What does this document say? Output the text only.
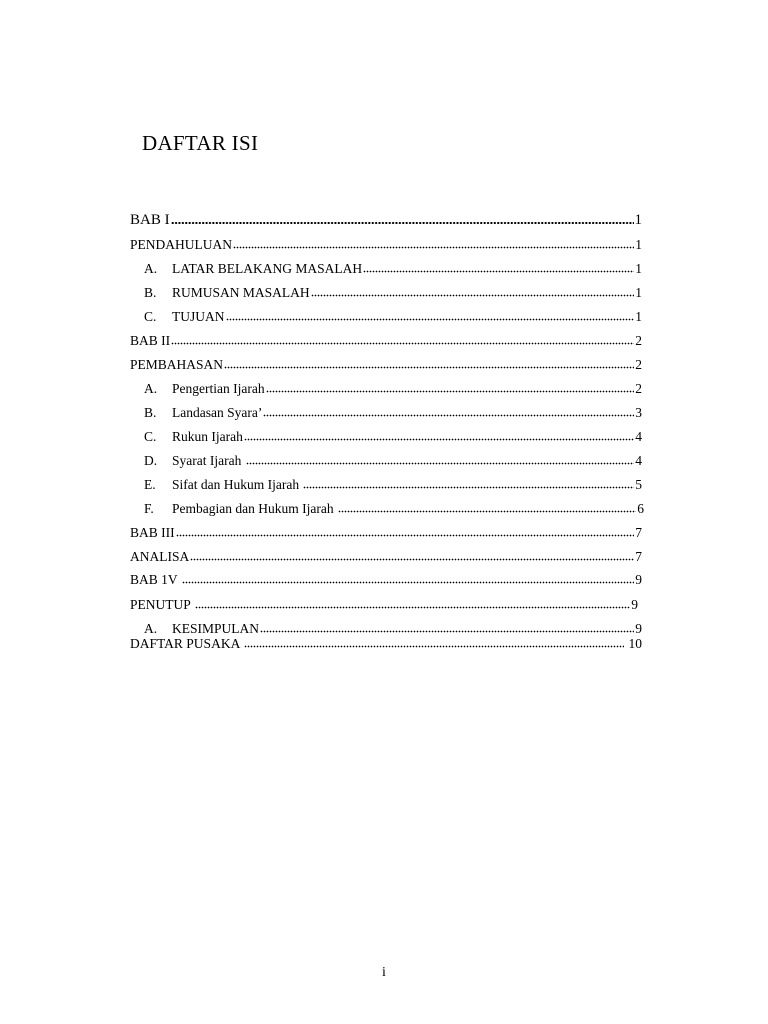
DAFTAR ISI
BAB I	1
PENDAHULUAN	1
A.	LATAR BELAKANG MASALAH	1
B.	RUMUSAN MASALAH	1
C.	TUJUAN	1
BAB II	2
PEMBAHASAN	2
A.	Pengertian Ijarah	2
B.	Landasan Syara’	3
C.	Rukun Ijarah	4
D.	Syarat Ijarah	4
E.	Sifat dan Hukum Ijarah	5
F.	Pembagian dan Hukum Ijarah	6
BAB III	7
ANALISA	7
BAB 1V	9
PENUTUP	9
A.	KESIMPULAN	9
DAFTAR PUSAKA	10
i
